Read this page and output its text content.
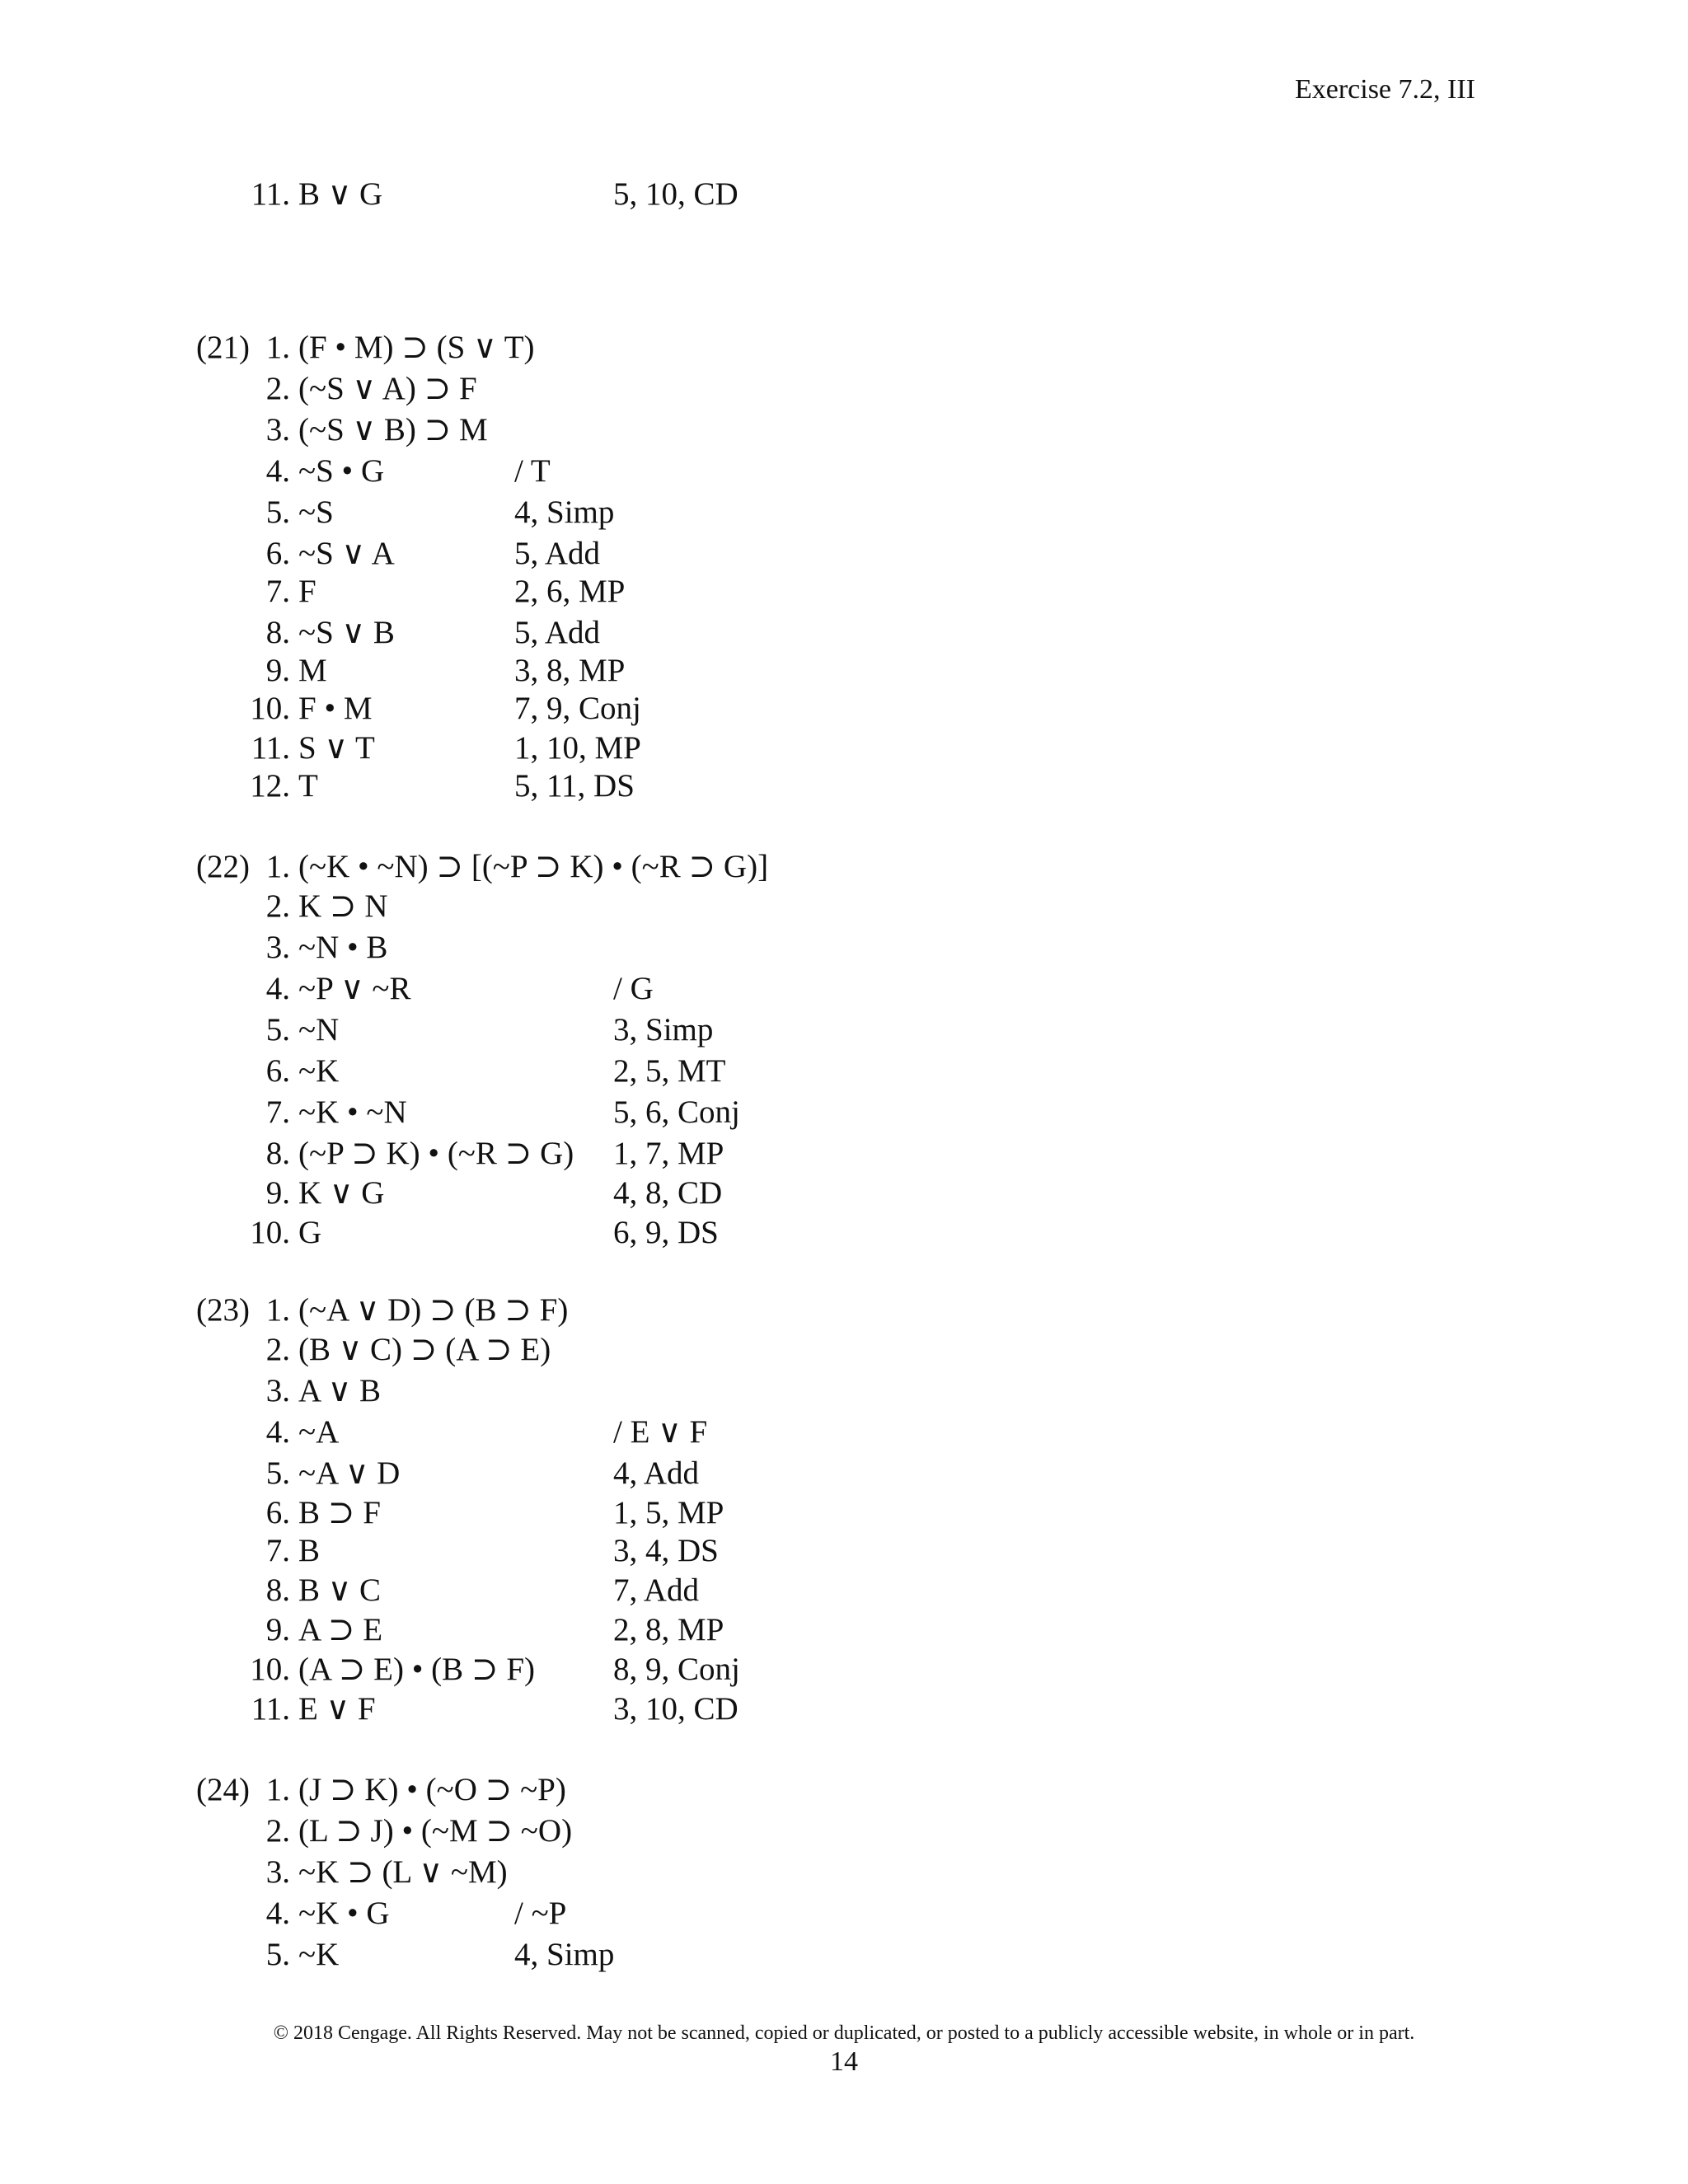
Exercise 7.2, III
11. B ∨ G	5, 10, CD
(21) 1. (F • M) ⊃ (S ∨ T)
2. (~S ∨ A) ⊃ F
3. (~S ∨ B) ⊃ M
4. ~S • G	/ T
5. ~S	4, Simp
6. ~S ∨ A	5, Add
7. F	2, 6, MP
8. ~S ∨ B	5, Add
9. M	3, 8, MP
10. F • M	7, 9, Conj
11. S ∨ T	1, 10, MP
12. T	5, 11, DS
(22) 1. (~K • ~N) ⊃ [(~P ⊃ K) • (~R ⊃ G)]
2. K ⊃ N
3. ~N • B
4. ~P ∨ ~R	/ G
5. ~N	3, Simp
6. ~K	2, 5, MT
7. ~K • ~N	5, 6, Conj
8. (~P ⊃ K) • (~R ⊃ G) 1, 7, MP
9. K ∨ G	4, 8, CD
10. G	6, 9, DS
(23) 1. (~A ∨ D) ⊃ (B ⊃ F)
2. (B ∨ C) ⊃ (A ⊃ E)
3. A ∨ B
4. ~A	/ E ∨ F
5. ~A ∨ D	4, Add
6. B ⊃ F	1, 5, MP
7. B	3, 4, DS
8. B ∨ C	7, Add
9. A ⊃ E	2, 8, MP
10. (A ⊃ E) • (B ⊃ F) 8, 9, Conj
11. E ∨ F	3, 10, CD
(24) 1. (J ⊃ K) • (~O ⊃ ~P)
2. (L ⊃ J) • (~M ⊃ ~O)
3. ~K ⊃ (L ∨ ~M)
4. ~K • G	/ ~P
5. ~K	4, Simp
© 2018 Cengage. All Rights Reserved. May not be scanned, copied or duplicated, or posted to a publicly accessible website, in whole or in part.
14
